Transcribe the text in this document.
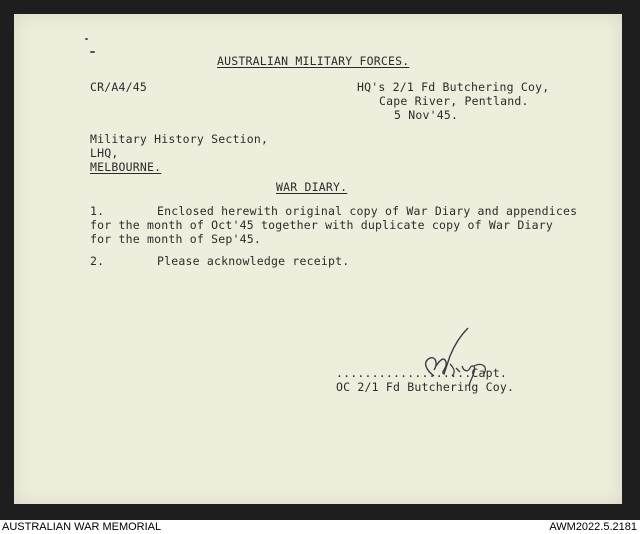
AUSTRALIAN MILITARY FORCES.
CR/A4/45	HQ's 2/1 Fd Butchering Coy,
Cape River, Pentland.
5 Nov'45.
Military History Section,
LHQ,
MELBOURNE.
WAR DIARY.
1.	Enclosed herewith original copy of War Diary and appendices
for the month of Oct'45 together with duplicate copy of War Diary
for the month of Sep'45.
2.	Please acknowledge receipt.
...................Capt.
OC 2/1 Fd Butchering Coy.
AUSTRALIAN WAR MEMORIAL	AWM2022.5.2181
